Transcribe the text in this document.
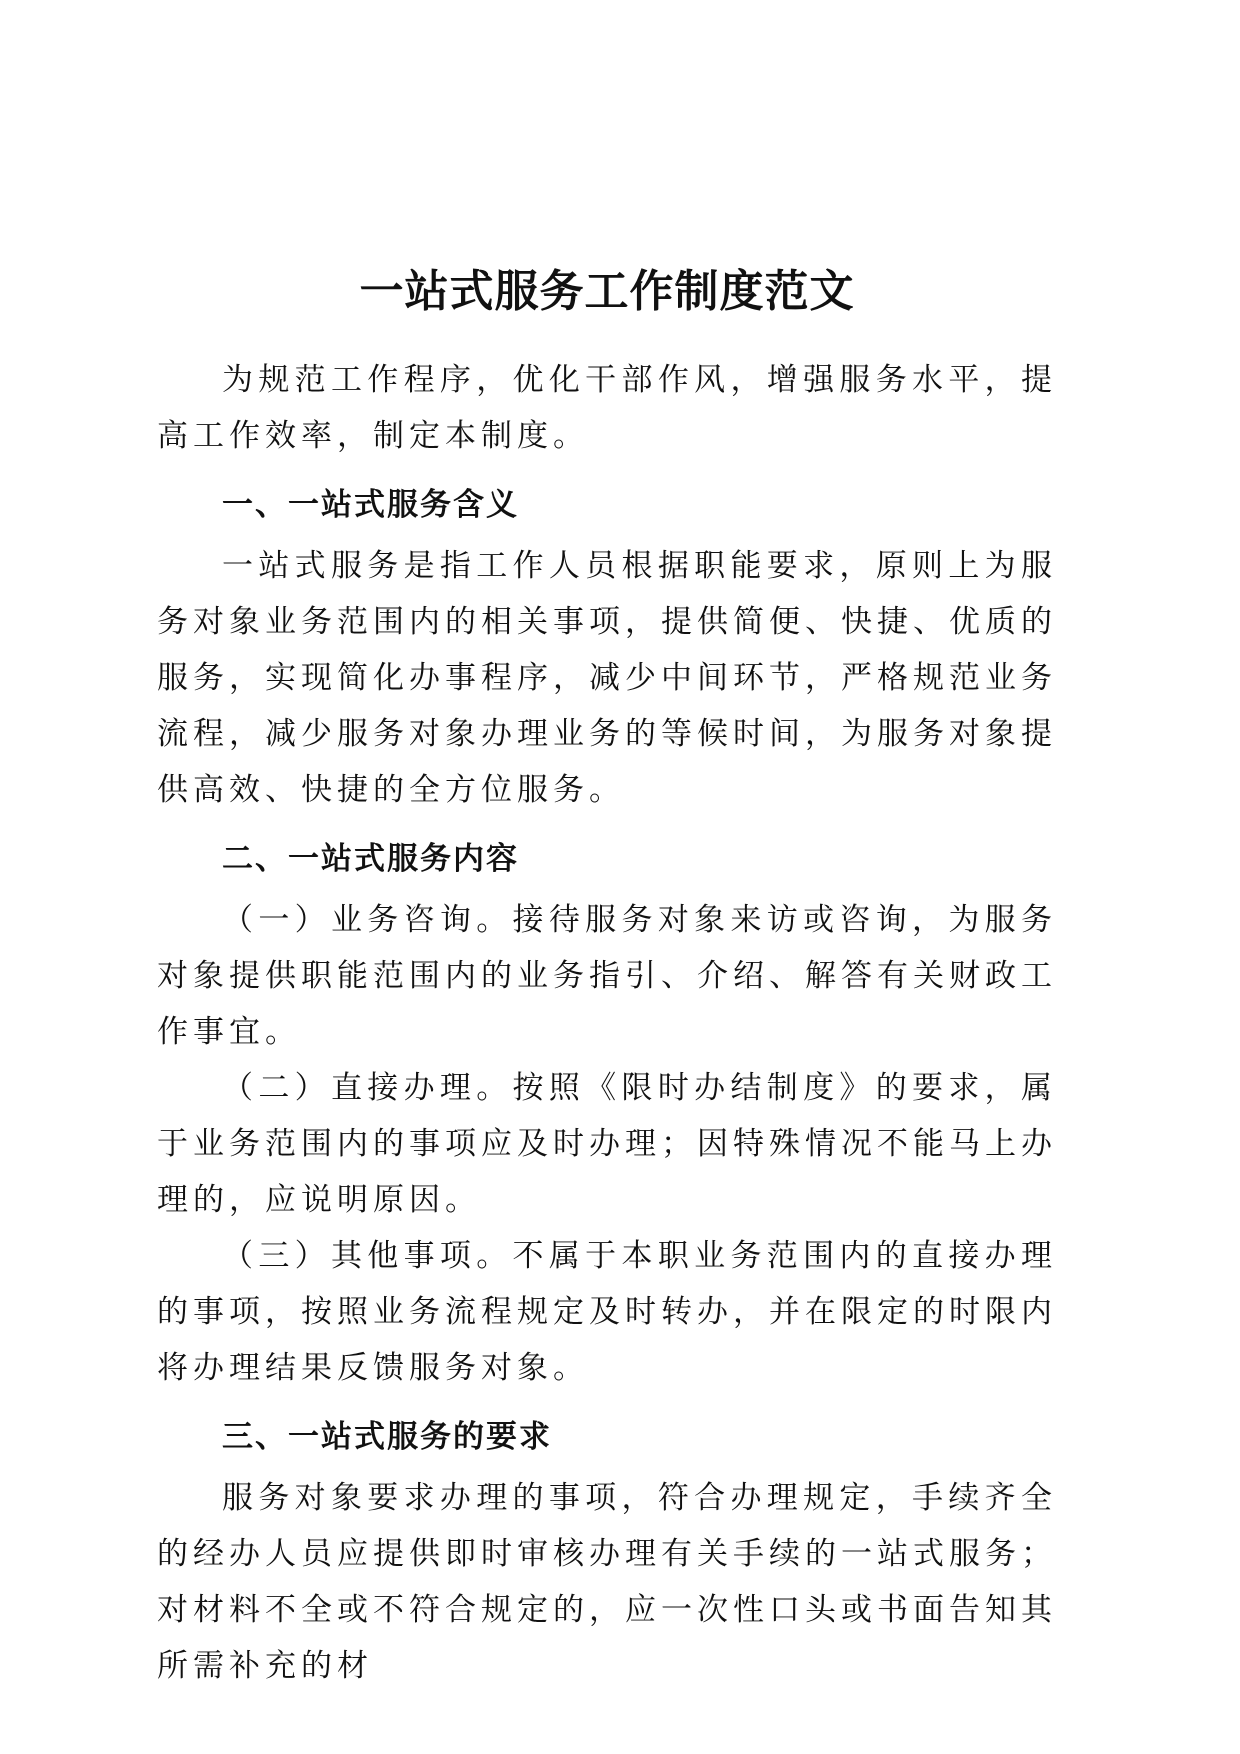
一站式服务工作制度范文

为规范工作程序，优化干部作风，增强服务水平，提高工作效率，制定本制度。

一、一站式服务含义

一站式服务是指工作人员根据职能要求，原则上为服务对象业务范围内的相关事项，提供简便、快捷、优质的服务，实现简化办事程序，减少中间环节，严格规范业务流程，减少服务对象办理业务的等候时间，为服务对象提供高效、快捷的全方位服务。

二、一站式服务内容

（一）业务咨询。接待服务对象来访或咨询，为服务对象提供职能范围内的业务指引、介绍、解答有关财政工作事宜。

（二）直接办理。按照《限时办结制度》的要求，属于业务范围内的事项应及时办理；因特殊情况不能马上办理的，应说明原因。

（三）其他事项。不属于本职业务范围内的直接办理的事项，按照业务流程规定及时转办，并在限定的时限内将办理结果反馈服务对象。

三、一站式服务的要求

服务对象要求办理的事项，符合办理规定，手续齐全的经办人员应提供即时审核办理有关手续的一站式服务；对材料不全或不符合规定的，应一次性口头或书面告知其所需补充的材
